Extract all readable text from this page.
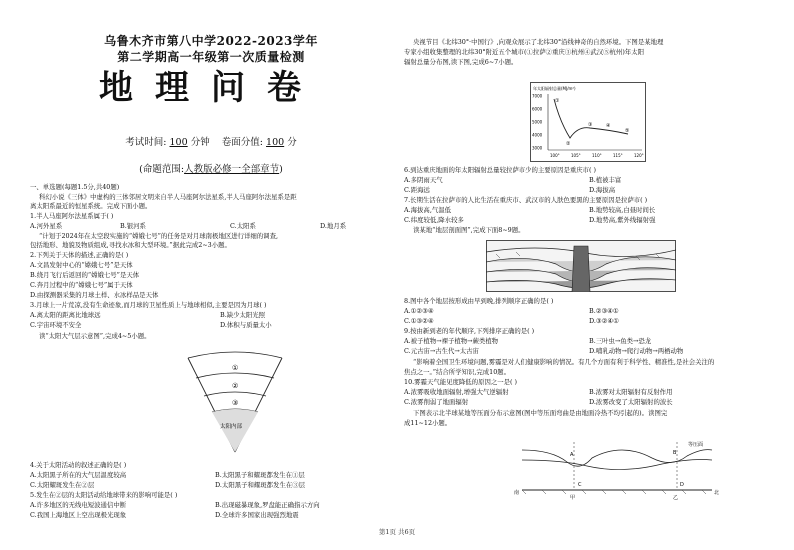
乌鲁木齐市第八中学2022-2023学年
第二学期高一年级第一次质量检测
地理问卷
考试时间: 100 分钟 卷面分值: 100 分
(命题范围:人教版必修一全部章节)
一、单选题(每题1.5分,共40题)
科幻小说《三体》中虚构的三体邻居文明来自半人马座阿尔法星系,半人马座阿尔法星系是距
离太阳系最近的恒星系统。完成下面小题。
1.半人马座阿尔法星系属于( )
A.河外星系	B.银河系	C.太阳系	D.地月系
“计划于2024年在太空段实施的“嫦娥七号”的任务是对月球南极地区进行详细的调查,
包括地形、地貌及物质组成,寻找水冰和大型环境。”据此完成2~3小题。
2.下列关于天体的描述,正确的是( )
A.文昌发射中心的“嫦娥七号”是天体
B.绕月飞行后返回的“嫦娥七号”是天体
C.奔月过程中的“嫦娥七号”属于天体
D.由探测器采集的月球土样、水冰样品是天体
3.月球上一片荒凉,没有生命迹象,而月球的卫星性质上与地球相似,主要是因为月球( )
A.离太阳的距离比地球远	B.缺少太阳光照
C.宇宙环境不安全	D.体积与质量太小
读“太阳大气层示意图”,完成4~5小题。
①
②
③
太阳内部
4.关于太阳活动的叙述正确的是( )
A.太阳黑子所在的大气层温度较高	B.太阳黑子和耀斑都发生在①层
C.太阳耀斑发生在②层	D.太阳黑子和耀斑都发生在③层
5.发生在②层的太阳活动给地球带来的影响可能是( )
A.许多地区的无线电短波通信中断	B.出现磁暴现象,罗盘能正确指示方向
C.我国上海地区上空出现极光现象	D.全球许多国家出现强烈地震
央视节目《北纬30°·中国行》,向观众展示了北纬30°沿线神奇的自然环境。下图是某地理
专家小组收集整理的北纬30°附近五个城市(①拉萨②重庆③杭州④武汉⑤杭州)年太阳
辐射总量分布图,读下图,完成6~7小题。
年太阳辐射总量(MJ/m²)
7000
6000
5000
4000
3000
100°	105°	110°	115°	120°
①
②
③	④
⑤
6.到达重庆地面的年太阳辐射总量较拉萨市少的主要原因是重庆市( )
A.多阴雨天气	B.植被丰富
C.距海远	D.海拔高
7.长期生活在拉萨市的人比生活在重庆市、武汉市的人肤色要黑的主要原因是拉萨市( )
A.海拔高,气温低	B.地势较高,白昼时间长
C.纬度较低,降水较多	D.地势高,紫外线辐射强
读某地“地层剖面图”,完成下面8~9题。
8.图中各个地层按形成由早到晚,排列顺序正确的是( )
A.①②③④	B.②③④①
C.①③②④	D.③②④①
9.按由新到老的年代顺序,下列排序正确的是( )
A.被子植物→裸子植物→蕨类植物	B.三叶虫→鱼类→恐龙
C.元古宙→古生代→太古宙	D.哺乳动物→爬行动物→两栖动物
“影响着全国卫生环境问题,雾霾是对人们健康影响的情况。有几个方面有利于科学性、精准性,是社会关注的
焦点之一。”结合所学知识,完成10题。
10.雾霾天气能见度降低的原因之一是( )
A.浓雾吸收地面辐射,增强大气逆辐射	B.浓雾对太阳辐射有反射作用
C.浓雾削弱了地面辐射	D.浓雾改变了太阳辐射的波长
下图表示北半球某地等压面分布示意图(图中等压面弯曲是由地面冷热不均引起的)。读图完
成11~12小题。
等压面
甲	乙
南	北
A	B
C	D
第1页 共6页
